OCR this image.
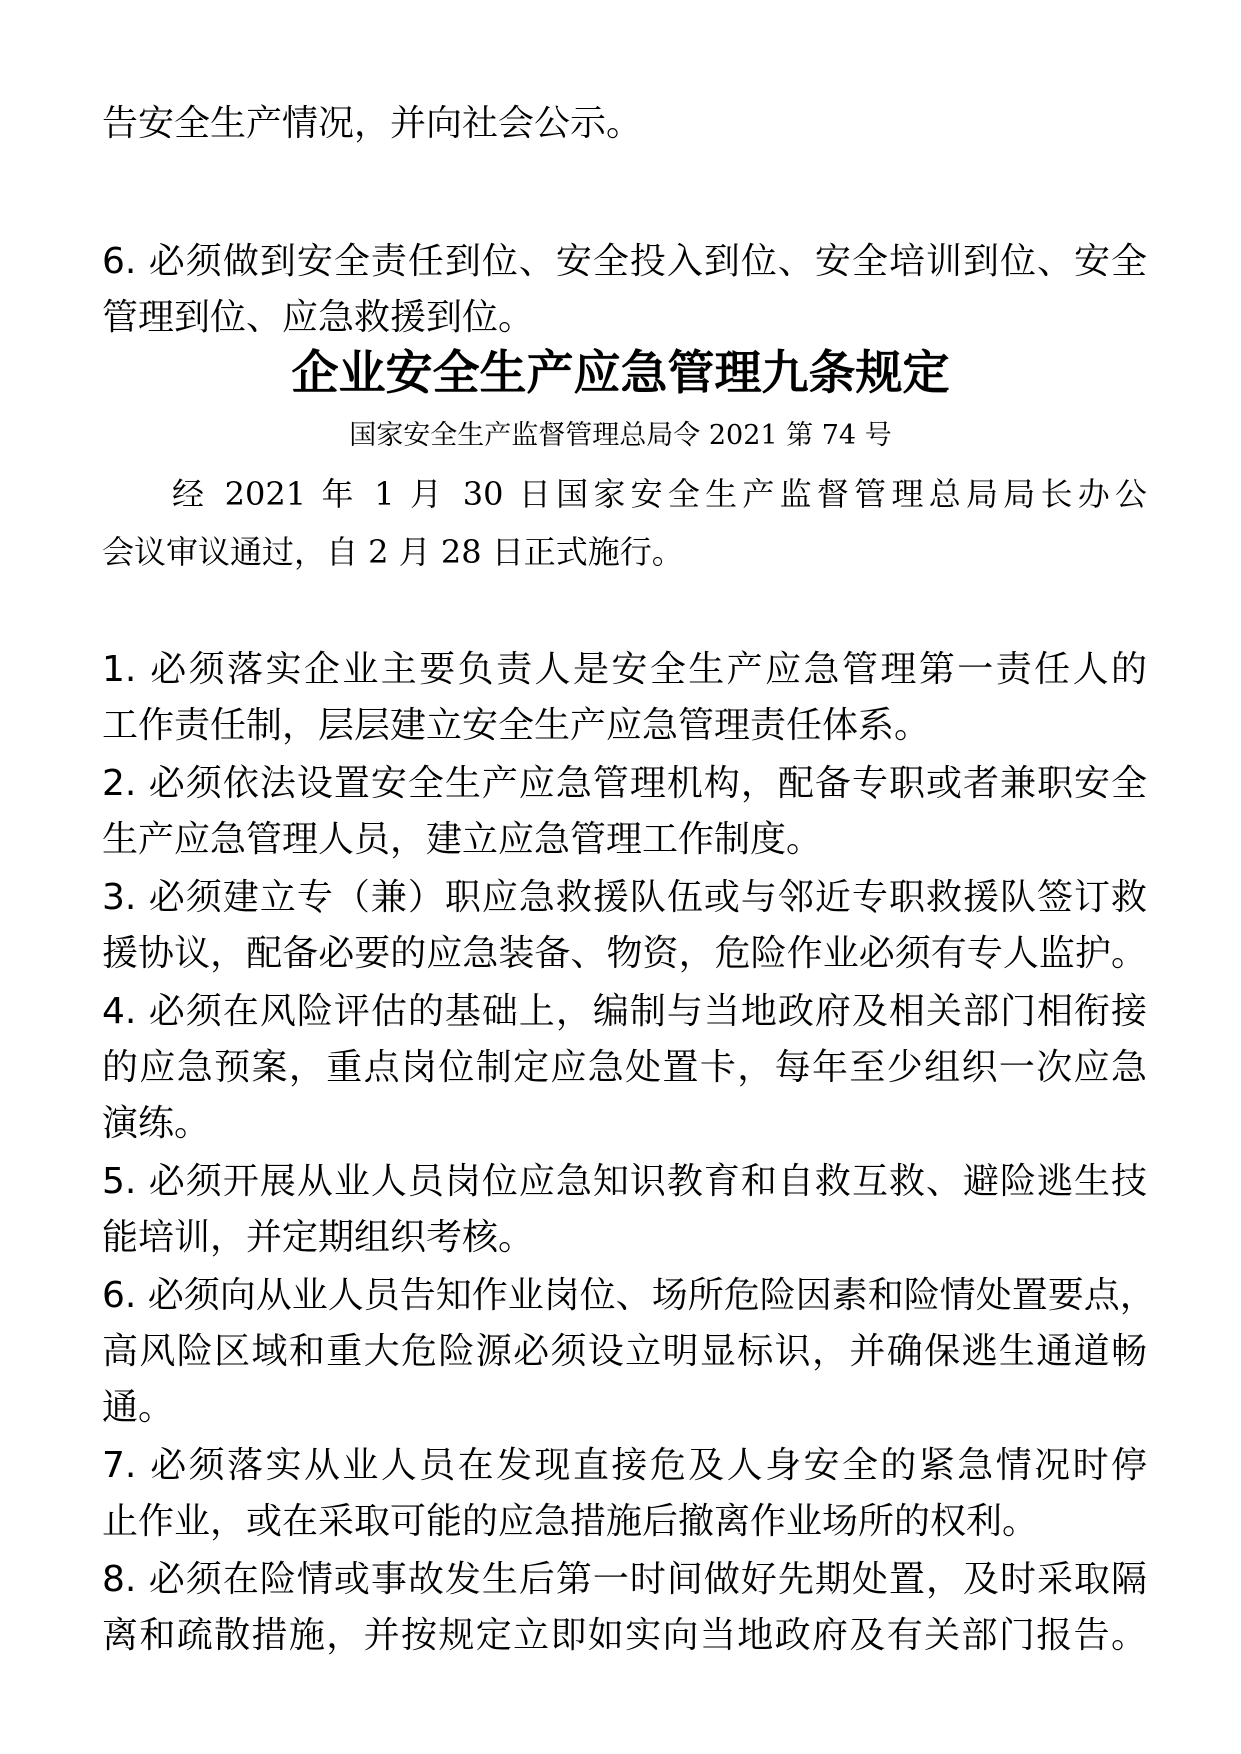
告安全生产情况，并向社会公示。
6. 必须做到安全责任到位、安全投入到位、安全培训到位、安全
管理到位、应急救援到位。
企业安全生产应急管理九条规定
国家安全生产监督管理总局令 2021 第 74 号
经 2021 年 1 月 30 日国家安全生产监督管理总局局长办公
会议审议通过，自 2 月 28 日正式施行。
1. 必须落实企业主要负责人是安全生产应急管理第一责任人的
工作责任制，层层建立安全生产应急管理责任体系。
2. 必须依法设置安全生产应急管理机构，配备专职或者兼职安全
生产应急管理人员，建立应急管理工作制度。
3. 必须建立专（兼）职应急救援队伍或与邻近专职救援队签订救
援协议，配备必要的应急装备、物资，危险作业必须有专人监护。
4. 必须在风险评估的基础上，编制与当地政府及相关部门相衔接
的应急预案，重点岗位制定应急处置卡，每年至少组织一次应急
演练。
5. 必须开展从业人员岗位应急知识教育和自救互救、避险逃生技
能培训，并定期组织考核。
6. 必须向从业人员告知作业岗位、场所危险因素和险情处置要点，
高风险区域和重大危险源必须设立明显标识，并确保逃生通道畅
通。
7. 必须落实从业人员在发现直接危及人身安全的紧急情况时停
止作业，或在采取可能的应急措施后撤离作业场所的权利。
8. 必须在险情或事故发生后第一时间做好先期处置，及时采取隔
离和疏散措施，并按规定立即如实向当地政府及有关部门报告。
